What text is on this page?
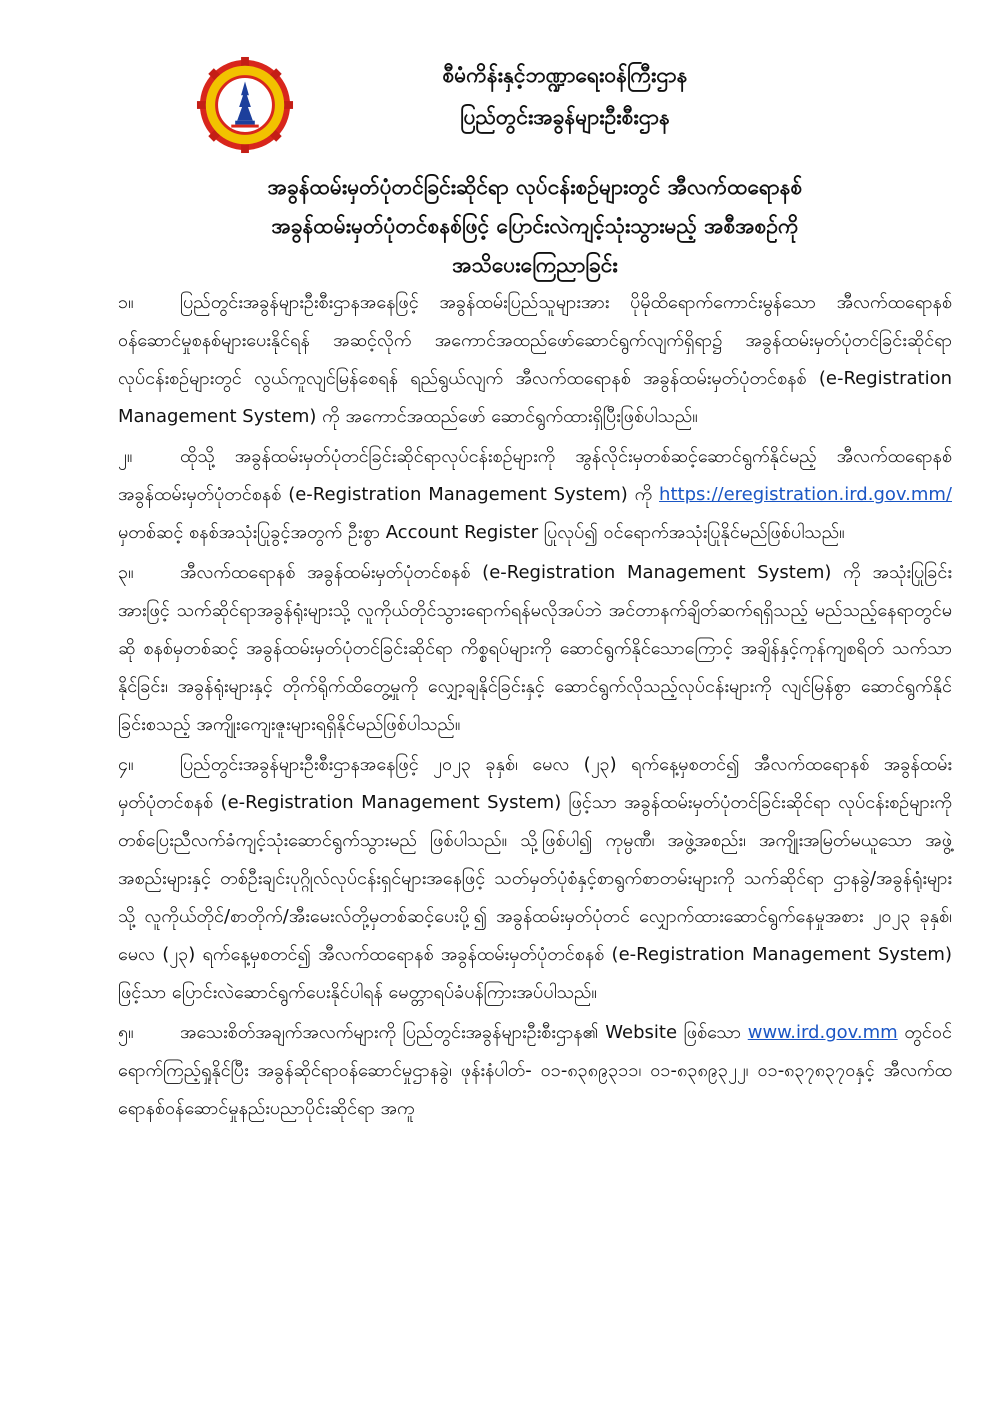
စီမံကိန်းနှင့်ဘဏ္ဍာရေးဝန်ကြီးဌာန
ပြည်တွင်းအခွန်များဦးစီးဌာန
အခွန်ထမ်းမှတ်ပုံတင်ခြင်းဆိုင်ရာ လုပ်ငန်းစဉ်များတွင် အီလက်ထရောနစ်
အခွန်ထမ်းမှတ်ပုံတင်စနစ်ဖြင့် ပြောင်းလဲကျင့်သုံးသွားမည့် အစီအစဉ်ကို
အသိပေးကြေညာခြင်း

၁။	ပြည်တွင်းအခွန်များဦးစီးဌာနအနေဖြင့် အခွန်ထမ်းပြည်သူများအား ပိုမိုထိရောက်ကောင်းမွန်သော အီလက်ထရောနစ် ဝန်ဆောင်မှုစနစ်များပေးနိုင်ရန် အဆင့်လိုက် အကောင်အထည်ဖော်ဆောင်ရွက်လျက်ရှိရာ၌ အခွန်ထမ်းမှတ်ပုံတင်ခြင်းဆိုင်ရာလုပ်ငန်းစဉ်များတွင် လွယ်ကူလျင်မြန်စေရန် ရည်ရွယ်လျက် အီလက်ထရောနစ် အခွန်ထမ်းမှတ်ပုံတင်စနစ် (e-Registration Management System) ကို အကောင်အထည်ဖော် ဆောင်ရွက်ထားရှိပြီးဖြစ်ပါသည်။

၂။	ထိုသို့ အခွန်ထမ်းမှတ်ပုံတင်ခြင်းဆိုင်ရာလုပ်ငန်းစဉ်များကို အွန်လိုင်းမှတစ်ဆင့်ဆောင်ရွက်နိုင်မည့် အီလက်ထရောနစ် အခွန်ထမ်းမှတ်ပုံတင်စနစ် (e-Registration Management System) ကို https://eregistration.ird.gov.mm/ မှတစ်ဆင့် စနစ်အသုံးပြုခွင့်အတွက် ဦးစွာ Account Register ပြုလုပ်၍ ဝင်ရောက်အသုံးပြုနိုင်မည်ဖြစ်ပါသည်။

၃။	အီလက်ထရောနစ် အခွန်ထမ်းမှတ်ပုံတင်စနစ် (e-Registration Management System) ကို အသုံးပြုခြင်းအားဖြင့် သက်ဆိုင်ရာအခွန်ရုံးများသို့ လူကိုယ်တိုင်သွားရောက်ရန်မလိုအပ်ဘဲ အင်တာနက်ချိတ်ဆက်ရရှိသည့် မည်သည့်နေရာတွင်မဆို စနစ်မှတစ်ဆင့် အခွန်ထမ်းမှတ်ပုံတင်ခြင်းဆိုင်ရာ ကိစ္စရပ်များကို ဆောင်ရွက်နိုင်သောကြောင့် အချိန်နှင့်ကုန်ကျစရိတ် သက်သာနိုင်ခြင်း၊ အခွန်ရုံးများနှင့် တိုက်ရိုက်ထိတွေ့မှုကို လျှော့ချနိုင်ခြင်းနှင့် ဆောင်ရွက်လိုသည့်လုပ်ငန်းများကို လျင်မြန်စွာ ဆောင်ရွက်နိုင်ခြင်းစသည့် အကျိုးကျေးဇူးများရရှိနိုင်မည်ဖြစ်ပါသည်။

၄။	ပြည်တွင်းအခွန်များဦးစီးဌာနအနေဖြင့် ၂၀၂၃ ခုနှစ်၊ မေလ (၂၃) ရက်နေ့မှစတင်၍ အီလက်ထရောနစ် အခွန်ထမ်းမှတ်ပုံတင်စနစ် (e-Registration Management System) ဖြင့်သာ အခွန်ထမ်းမှတ်ပုံတင်ခြင်းဆိုင်ရာ လုပ်ငန်းစဉ်များကို တစ်ပြေးညီလက်ခံကျင့်သုံးဆောင်ရွက်သွားမည် ဖြစ်ပါသည်။ သို့ဖြစ်ပါ၍ ကုမ္ပဏီ၊ အဖွဲ့အစည်း၊ အကျိုးအမြတ်မယူသော အဖွဲ့အစည်းများနှင့် တစ်ဦးချင်းပုဂ္ဂိုလ်လုပ်ငန်းရှင်များအနေဖြင့် သတ်မှတ်ပုံစံနှင့်စာရွက်စာတမ်းများကို သက်ဆိုင်ရာ ဌာနခွဲ/အခွန်ရုံးများသို့ လူကိုယ်တိုင်/စာတိုက်/အီးမေးလ်တို့မှတစ်ဆင့်ပေးပို့၍ အခွန်ထမ်းမှတ်ပုံတင် လျှောက်ထားဆောင်ရွက်နေမှုအစား ၂၀၂၃ ခုနှစ်၊ မေလ (၂၃) ရက်နေ့မှစတင်၍ အီလက်ထရောနစ် အခွန်ထမ်းမှတ်ပုံတင်စနစ် (e-Registration Management System) ဖြင့်သာ ပြောင်းလဲဆောင်ရွက်ပေးနိုင်ပါရန် မေတ္တာရပ်ခံပန်ကြားအပ်ပါသည်။

၅။	အသေးစိတ်အချက်အလက်များကို ပြည်တွင်းအခွန်များဦးစီးဌာန၏ Website ဖြစ်သော www.ird.gov.mm တွင်ဝင်ရောက်ကြည့်ရှုနိုင်ပြီး အခွန်ဆိုင်ရာဝန်ဆောင်မှုဌာနခွဲ၊ ဖုန်းနံပါတ်- ၀၁-၈၃၈၉၃၁၁၊ ၀၁-၈၃၈၉၃၂၂၊ ၀၁-၈၃၇၈၃၇၀နှင့် အီလက်ထရောနစ်ဝန်ဆောင်မှုနည်းပညာပိုင်းဆိုင်ရာ အကူ
